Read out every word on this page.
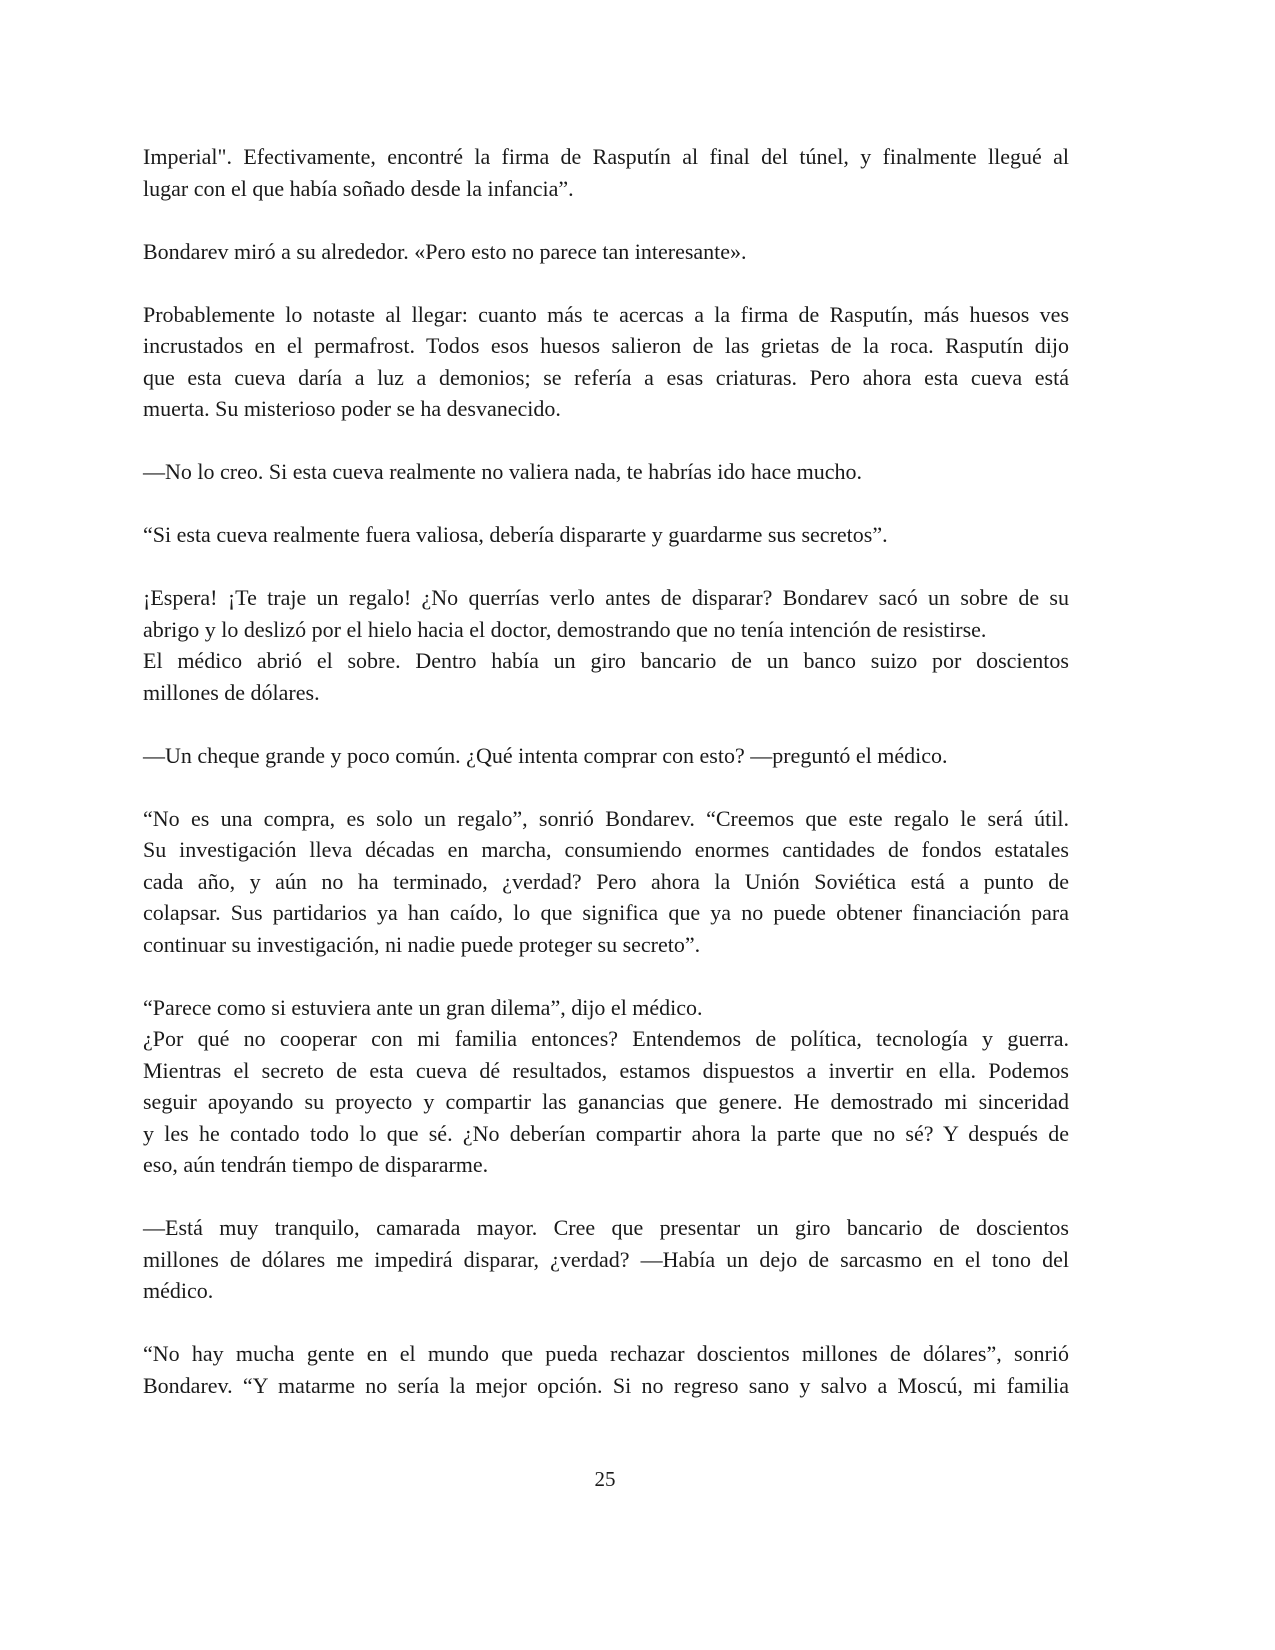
Imperial". Efectivamente, encontré la firma de Rasputín al final del túnel, y finalmente llegué al
lugar con el que había soñado desde la infancia”.
Bondarev miró a su alrededor. «Pero esto no parece tan interesante».
Probablemente lo notaste al llegar: cuanto más te acercas a la firma de Rasputín, más huesos ves
incrustados en el permafrost. Todos esos huesos salieron de las grietas de la roca. Rasputín dijo
que esta cueva daría a luz a demonios; se refería a esas criaturas. Pero ahora esta cueva está
muerta. Su misterioso poder se ha desvanecido.
—No lo creo. Si esta cueva realmente no valiera nada, te habrías ido hace mucho.
“Si esta cueva realmente fuera valiosa, debería dispararte y guardarme sus secretos”.
¡Espera! ¡Te traje un regalo! ¿No querrías verlo antes de disparar? Bondarev sacó un sobre de su
abrigo y lo deslizó por el hielo hacia el doctor, demostrando que no tenía intención de resistirse.
El médico abrió el sobre. Dentro había un giro bancario de un banco suizo por doscientos
millones de dólares.
—Un cheque grande y poco común. ¿Qué intenta comprar con esto? —preguntó el médico.
“No es una compra, es solo un regalo”, sonrió Bondarev. “Creemos que este regalo le será útil.
Su investigación lleva décadas en marcha, consumiendo enormes cantidades de fondos estatales
cada año, y aún no ha terminado, ¿verdad? Pero ahora la Unión Soviética está a punto de
colapsar. Sus partidarios ya han caído, lo que significa que ya no puede obtener financiación para
continuar su investigación, ni nadie puede proteger su secreto”.
“Parece como si estuviera ante un gran dilema”, dijo el médico.
¿Por qué no cooperar con mi familia entonces? Entendemos de política, tecnología y guerra.
Mientras el secreto de esta cueva dé resultados, estamos dispuestos a invertir en ella. Podemos
seguir apoyando su proyecto y compartir las ganancias que genere. He demostrado mi sinceridad
y les he contado todo lo que sé. ¿No deberían compartir ahora la parte que no sé? Y después de
eso, aún tendrán tiempo de dispararme.
—Está muy tranquilo, camarada mayor. Cree que presentar un giro bancario de doscientos
millones de dólares me impedirá disparar, ¿verdad? —Había un dejo de sarcasmo en el tono del
médico.
“No hay mucha gente en el mundo que pueda rechazar doscientos millones de dólares”, sonrió
Bondarev. “Y matarme no sería la mejor opción. Si no regreso sano y salvo a Moscú, mi familia
25
